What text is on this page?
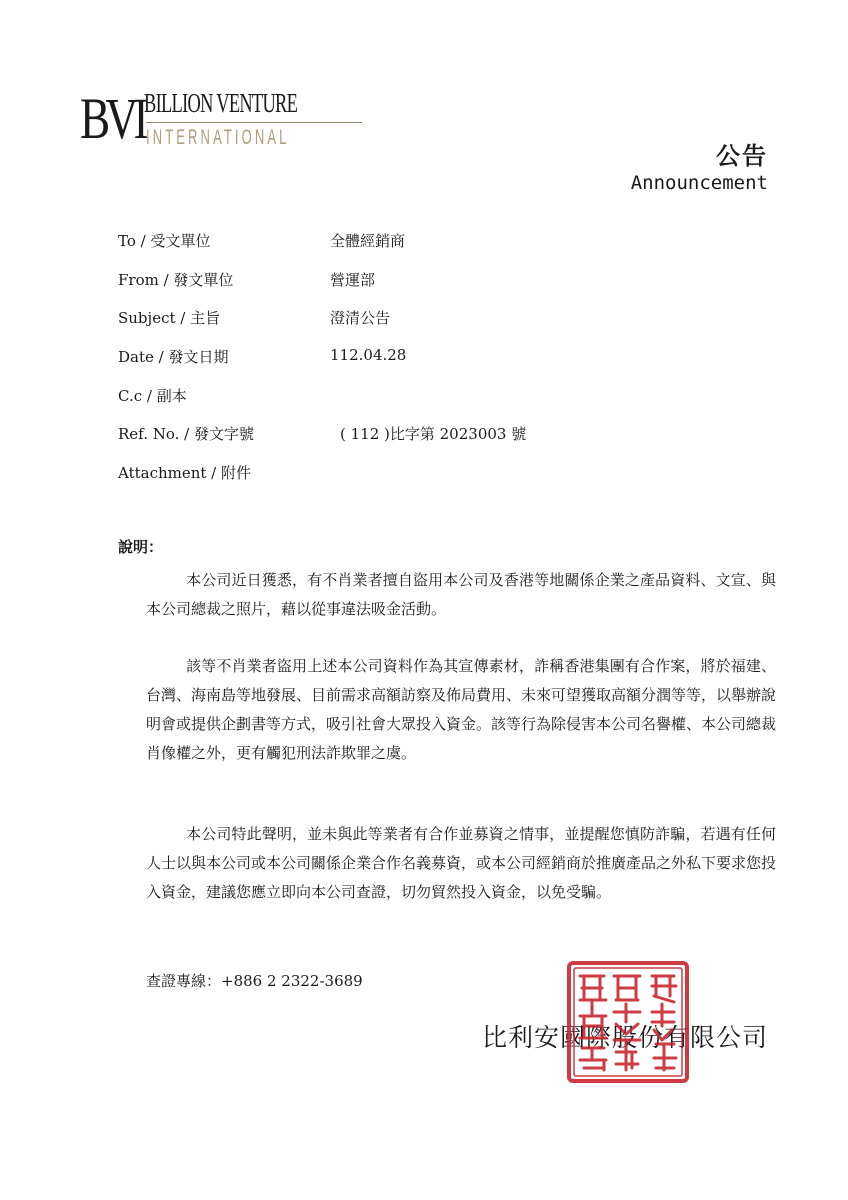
BVI BILLION VENTURE
INTERNATIONAL
公告
Announcement
To / 受文單位	全體經銷商
From / 發文單位	營運部
Subject / 主旨	澄清公告
Date / 發文日期	112.04.28
C.c / 副本
Ref. No. / 發文字號	( 112 )比字第 2023003 號
Attachment / 附件
說明：

本公司近日獲悉，有不肖業者擅自盜用本公司及香港等地關係企業之產品資料、文宣、與本公司總裁之照片，藉以從事違法吸金活動。

該等不肖業者盜用上述本公司資料作為其宣傳素材，詐稱香港集團有合作案，將於福建、台灣、海南島等地發展、目前需求高額訪察及佈局費用、未來可望獲取高額分潤等等，以舉辦說明會或提供企劃書等方式，吸引社會大眾投入資金。該等行為除侵害本公司名譽權、本公司總裁肖像權之外，更有觸犯刑法詐欺罪之虞。

本公司特此聲明，並未與此等業者有合作並募資之情事，並提醒您慎防詐騙，若遇有任何人士以與本公司或本公司關係企業合作名義募資，或本公司經銷商於推廣產品之外私下要求您投入資金，建議您應立即向本公司查證，切勿貿然投入資金，以免受騙。

查證專線：+886 2 2322-3689
比利安國際股份有限公司
